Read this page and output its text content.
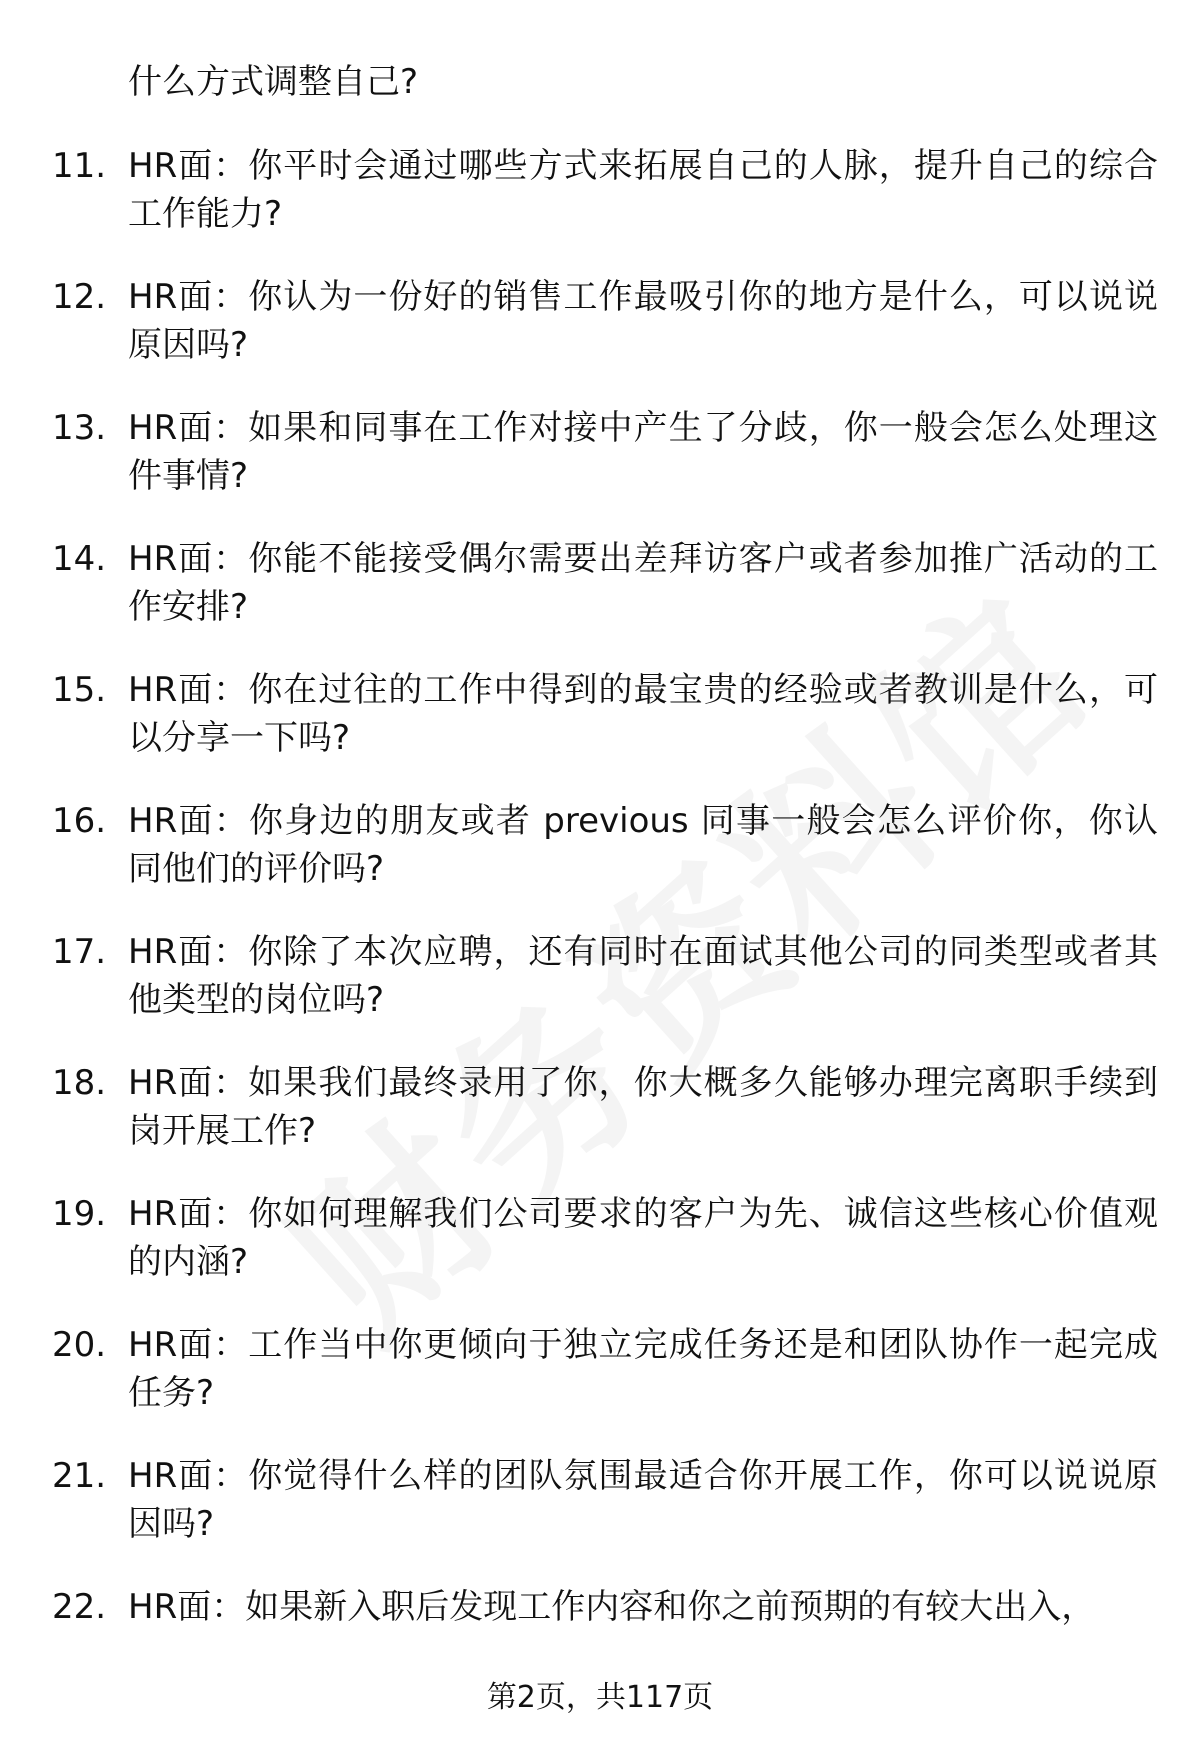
什么方式调整自己?
11. HR面：你平时会通过哪些方式来拓展自己的人脉，提升自己的综合工作能力?
12. HR面：你认为一份好的销售工作最吸引你的地方是什么，可以说说原因吗?
13. HR面：如果和同事在工作对接中产生了分歧，你一般会怎么处理这件事情?
14. HR面：你能不能接受偶尔需要出差拜访客户或者参加推广活动的工作安排?
15. HR面：你在过往的工作中得到的最宝贵的经验或者教训是什么，可以分享一下吗?
16. HR面：你身边的朋友或者 previous 同事一般会怎么评价你，你认同他们的评价吗?
17. HR面：你除了本次应聘，还有同时在面试其他公司的同类型或者其他类型的岗位吗?
18. HR面：如果我们最终录用了你，你大概多久能够办理完离职手续到岗开展工作?
19. HR面：你如何理解我们公司要求的客户为先、诚信这些核心价值观的内涵?
20. HR面：工作当中你更倾向于独立完成任务还是和团队协作一起完成任务?
21. HR面：你觉得什么样的团队氛围最适合你开展工作，你可以说说原因吗?
22. HR面：如果新入职后发现工作内容和你之前预期的有较大出入，
第2页，共117页
